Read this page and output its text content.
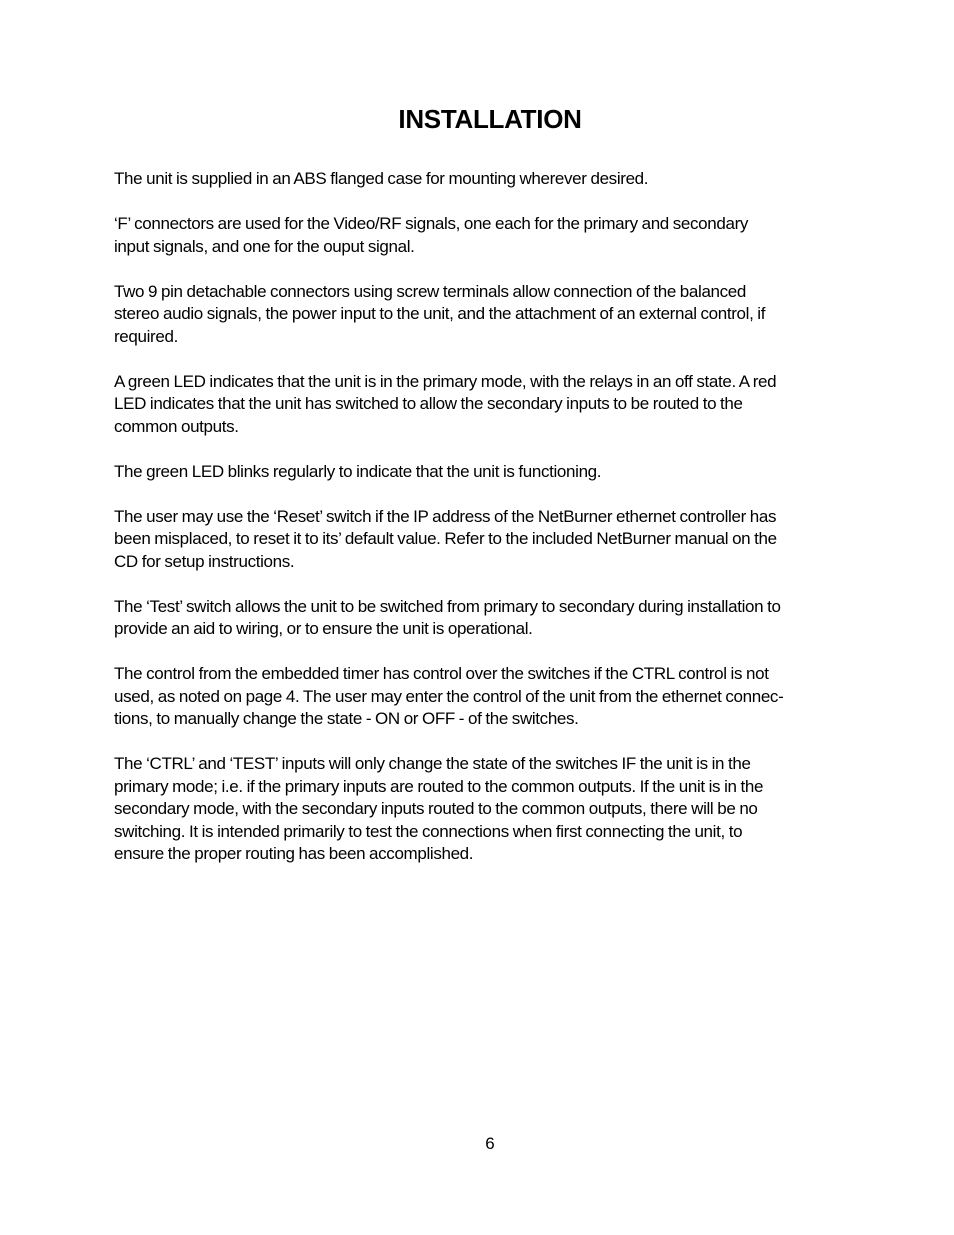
INSTALLATION

The unit is supplied in an ABS flanged case for mounting wherever desired.

‘F’ connectors are used for the Video/RF signals, one each for the primary and secondary
input signals, and one for the ouput signal.

Two 9 pin detachable connectors using screw terminals allow connection of the balanced
stereo audio signals, the power input to the unit, and the attachment of an external control, if
required.

A green LED indicates that the unit is in the primary mode, with the relays in an off state. A red
LED indicates that the unit has switched to allow the secondary inputs to be routed to the
common outputs.

The green LED blinks regularly to indicate that the unit is functioning.

The user may use the ‘Reset’ switch if the IP address of the NetBurner ethernet controller has
been misplaced, to reset it to its’ default value. Refer to the included NetBurner manual on the
CD for setup instructions.

The ‘Test’ switch allows the unit to be switched from primary to secondary during installation to
provide an aid to wiring, or to ensure the unit is operational.

The control from the embedded timer has control over the switches if the CTRL control is not
used, as noted on page 4. The user may enter the control of the unit from the ethernet connec-
tions, to manually change the state - ON or OFF - of the switches.

The ‘CTRL’ and ‘TEST’ inputs will only change the state of the switches IF the unit is in the
primary mode; i.e. if the primary inputs are routed to the common outputs. If the unit is in the
secondary mode, with the secondary inputs routed to the common outputs, there will be no
switching. It is intended primarily to test the connections when first connecting the unit, to
ensure the proper routing has been accomplished.

6
